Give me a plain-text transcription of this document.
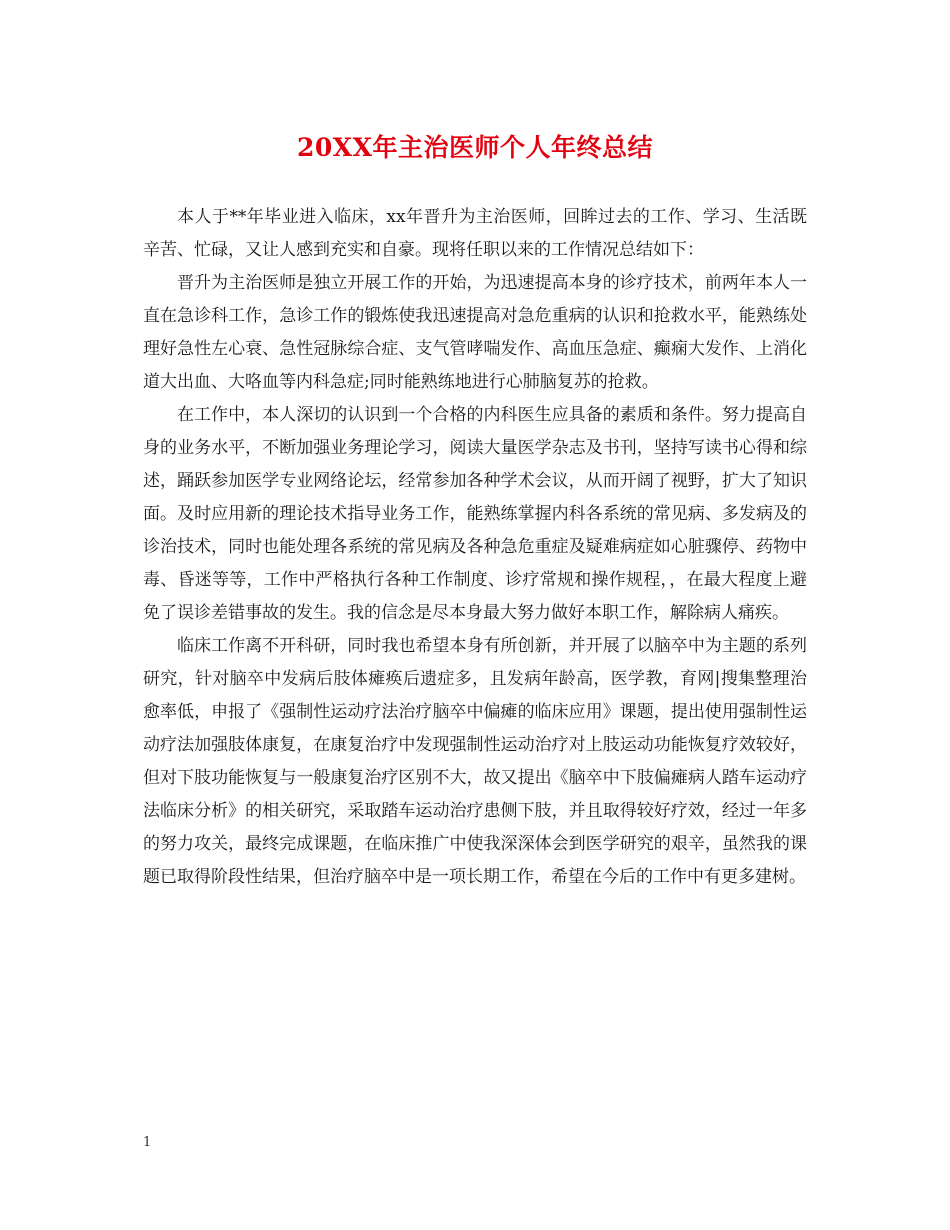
20XX年主治医师个人年终总结

本人于**年毕业进入临床，xx年晋升为主治医师，回眸过去的工作、学习、生活既辛苦、忙碌，又让人感到充实和自豪。现将任职以来的工作情况总结如下：

晋升为主治医师是独立开展工作的开始，为迅速提高本身的诊疗技术，前两年本人一直在急诊科工作，急诊工作的锻炼使我迅速提高对急危重病的认识和抢救水平，能熟练处理好急性左心衰、急性冠脉综合症、支气管哮喘发作、高血压急症、癫痫大发作、上消化道大出血、大咯血等内科急症;同时能熟练地进行心肺脑复苏的抢救。

在工作中，本人深切的认识到一个合格的内科医生应具备的素质和条件。努力提高自身的业务水平，不断加强业务理论学习，阅读大量医学杂志及书刊，坚持写读书心得和综述，踊跃参加医学专业网络论坛，经常参加各种学术会议，从而开阔了视野，扩大了知识面。及时应用新的理论技术指导业务工作，能熟练掌握内科各系统的常见病、多发病及的诊治技术，同时也能处理各系统的常见病及各种急危重症及疑难病症如心脏骤停、药物中毒、昏迷等等，工作中严格执行各种工作制度、诊疗常规和操作规程，，在最大程度上避免了误诊差错事故的发生。我的信念是尽本身最大努力做好本职工作，解除病人痛疾。

临床工作离不开科研，同时我也希望本身有所创新，并开展了以脑卒中为主题的系列研究，针对脑卒中发病后肢体瘫痪后遗症多，且发病年龄高，医学教，育网|搜集整理治愈率低，申报了《强制性运动疗法治疗脑卒中偏瘫的临床应用》课题，提出使用强制性运动疗法加强肢体康复，在康复治疗中发现强制性运动治疗对上肢运动功能恢复疗效较好，但对下肢功能恢复与一般康复治疗区别不大，故又提出《脑卒中下肢偏瘫病人踏车运动疗法临床分析》的相关研究，采取踏车运动治疗患侧下肢，并且取得较好疗效，经过一年多的努力攻关，最终完成课题，在临床推广中使我深深体会到医学研究的艰辛，虽然我的课题已取得阶段性结果，但治疗脑卒中是一项长期工作，希望在今后的工作中有更多建树。

1
